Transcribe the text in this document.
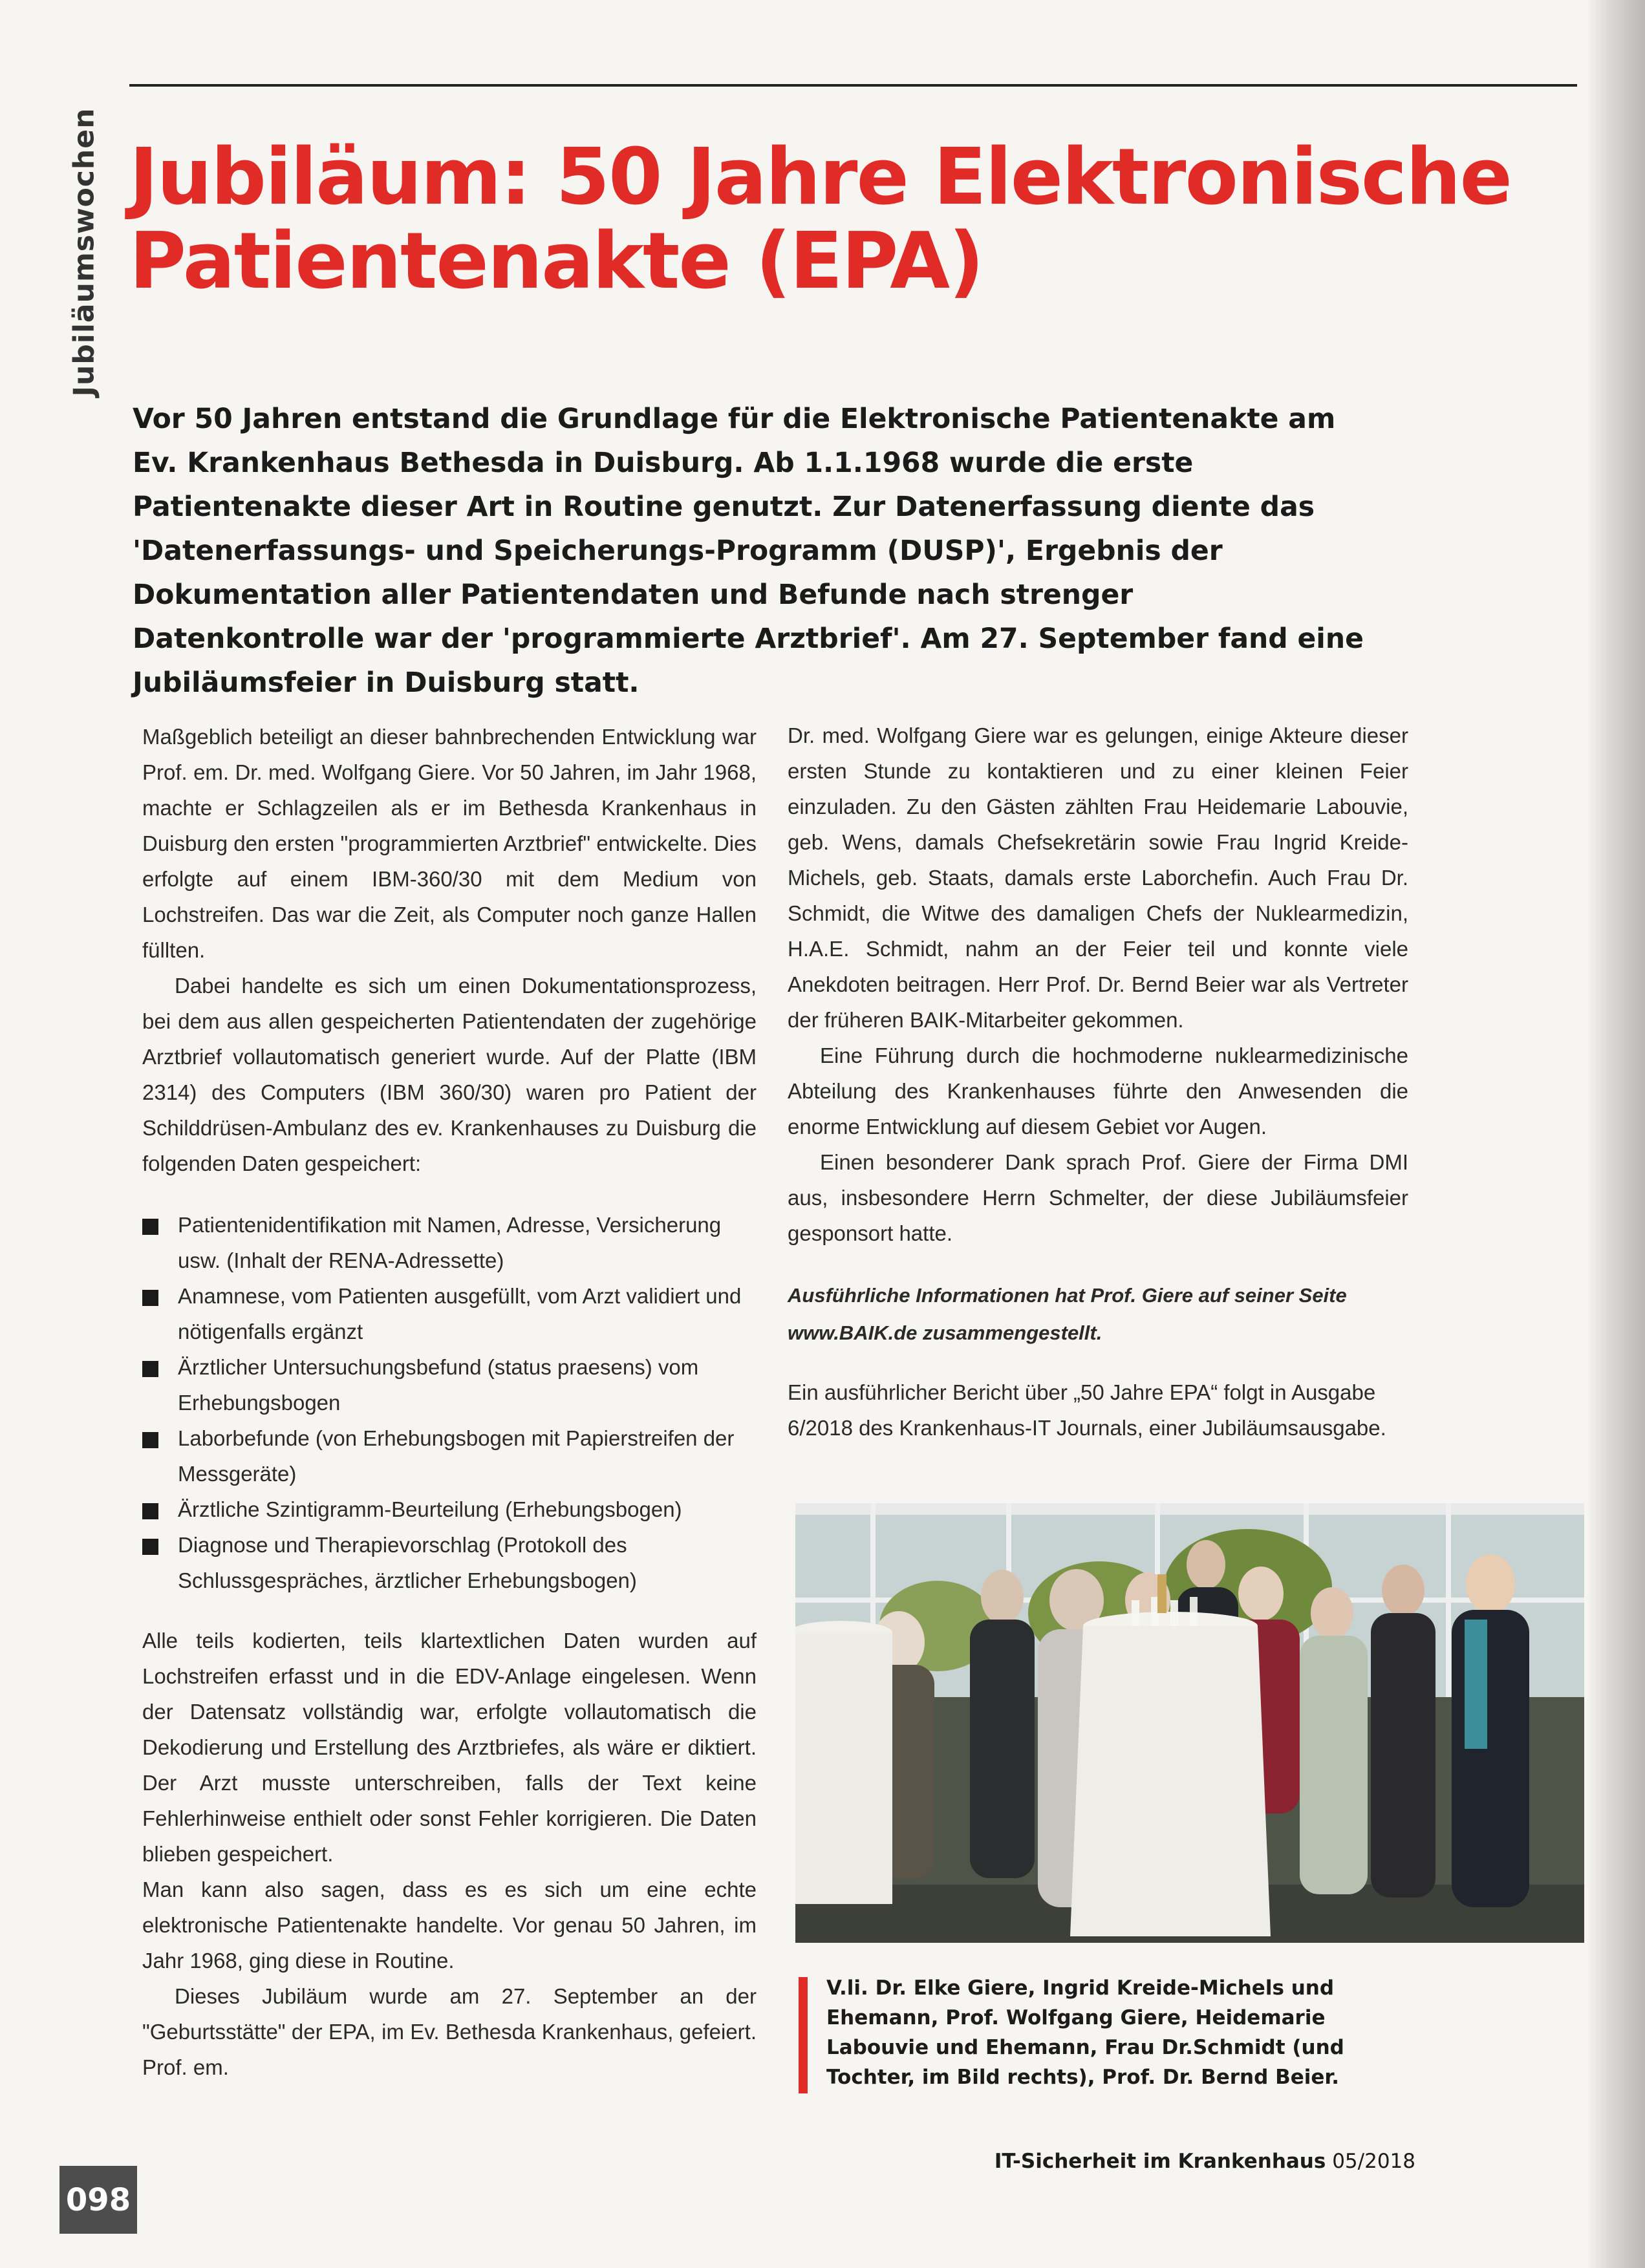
Jubiläumswochen Jubiläum: 50 Jahre Elektronische Patientenakte (EPA)

Vor 50 Jahren entstand die Grundlage für die Elektronische Patientenakte am Ev. Krankenhaus Bethesda in Duisburg. Ab 1.1.1968 wurde die erste Patientenakte dieser Art in Routine genutzt. Zur Datenerfassung diente das 'Datenerfassungs- und Speicherungs-Programm (DUSP)', Ergebnis der Dokumentation aller Patientendaten und Befunde nach strenger Datenkontrolle war der 'programmierte Arztbrief'. Am 27. September fand eine Jubiläumsfeier in Duisburg statt.

Maßgeblich beteiligt an dieser bahnbrechenden Entwicklung war Prof. em. Dr. med. Wolfgang Giere. Vor 50 Jahren, im Jahr 1968, machte er Schlagzeilen als er im Bethesda Krankenhaus in Duisburg den ersten "programmierten Arztbrief" entwickelte. Dies erfolgte auf einem IBM-360/30 mit dem Medium von Lochstreifen. Das war die Zeit, als Computer noch ganze Hallen füllten.

Dabei handelte es sich um einen Dokumentationsprozess, bei dem aus allen gespeicherten Patientendaten der zugehörige Arztbrief vollautomatisch generiert wurde. Auf der Platte (IBM 2314) des Computers (IBM 360/30) waren pro Patient der Schilddrüsen-Ambulanz des ev. Krankenhauses zu Duisburg die folgenden Daten gespeichert:

Patientenidentifikation mit Namen, Adresse, Versicherung usw. (Inhalt der RENA-Adressette)
Anamnese, vom Patienten ausgefüllt, vom Arzt validiert und nötigenfalls ergänzt
Ärztlicher Untersuchungsbefund (status praesens) vom Erhebungsbogen
Laborbefunde (von Erhebungsbogen mit Papierstreifen der Messgeräte)
Ärztliche Szintigramm-Beurteilung (Erhebungsbogen)
Diagnose und Therapievorschlag (Protokoll des Schlussgespräches, ärztlicher Erhebungsbogen)

Alle teils kodierten, teils klartextlichen Daten wurden auf Lochstreifen erfasst und in die EDV-Anlage eingelesen. Wenn der Datensatz vollständig war, erfolgte vollautomatisch die Dekodierung und Erstellung des Arztbriefes, als wäre er diktiert. Der Arzt musste unterschreiben, falls der Text keine Fehlerhinweise enthielt oder sonst Fehler korrigieren. Die Daten blieben gespeichert.

Man kann also sagen, dass es es sich um eine echte elektronische Patientenakte handelte. Vor genau 50 Jahren, im Jahr 1968, ging diese in Routine.

Dieses Jubiläum wurde am 27. September an der "Geburtsstätte" der EPA, im Ev. Bethesda Krankenhaus, gefeiert. Prof. em.

Dr. med. Wolfgang Giere war es gelungen, einige Akteure dieser ersten Stunde zu kontaktieren und zu einer kleinen Feier einzuladen. Zu den Gästen zählten Frau Heidemarie Labouvie, geb. Wens, damals Chefsekretärin sowie Frau Ingrid Kreide-Michels, geb. Staats, damals erste Laborchefin. Auch Frau Dr. Schmidt, die Witwe des damaligen Chefs der Nuklearmedizin, H.A.E. Schmidt, nahm an der Feier teil und konnte viele Anekdoten beitragen. Herr Prof. Dr. Bernd Beier war als Vertreter der früheren BAIK-Mitarbeiter gekommen.

Eine Führung durch die hochmoderne nuklearmedizinische Abteilung des Krankenhauses führte den Anwesenden die enorme Entwicklung auf diesem Gebiet vor Augen.

Einen besonderer Dank sprach Prof. Giere der Firma DMI aus, insbesondere Herrn Schmelter, der diese Jubiläumsfeier gesponsort hatte.

Ausführliche Informationen hat Prof. Giere auf seiner Seite www.BAIK.de zusammengestellt.

Ein ausführlicher Bericht über „50 Jahre EPA“ folgt in Ausgabe 6/2018 des Krankenhaus-IT Journals, einer Jubiläumsausgabe.

V.li. Dr. Elke Giere, Ingrid Kreide-Michels und Ehemann, Prof. Wolfgang Giere, Heidemarie Labouvie und Ehemann, Frau Dr.Schmidt (und Tochter, im Bild rechts), Prof. Dr. Bernd Beier.

IT-Sicherheit im Krankenhaus 05/2018
098
